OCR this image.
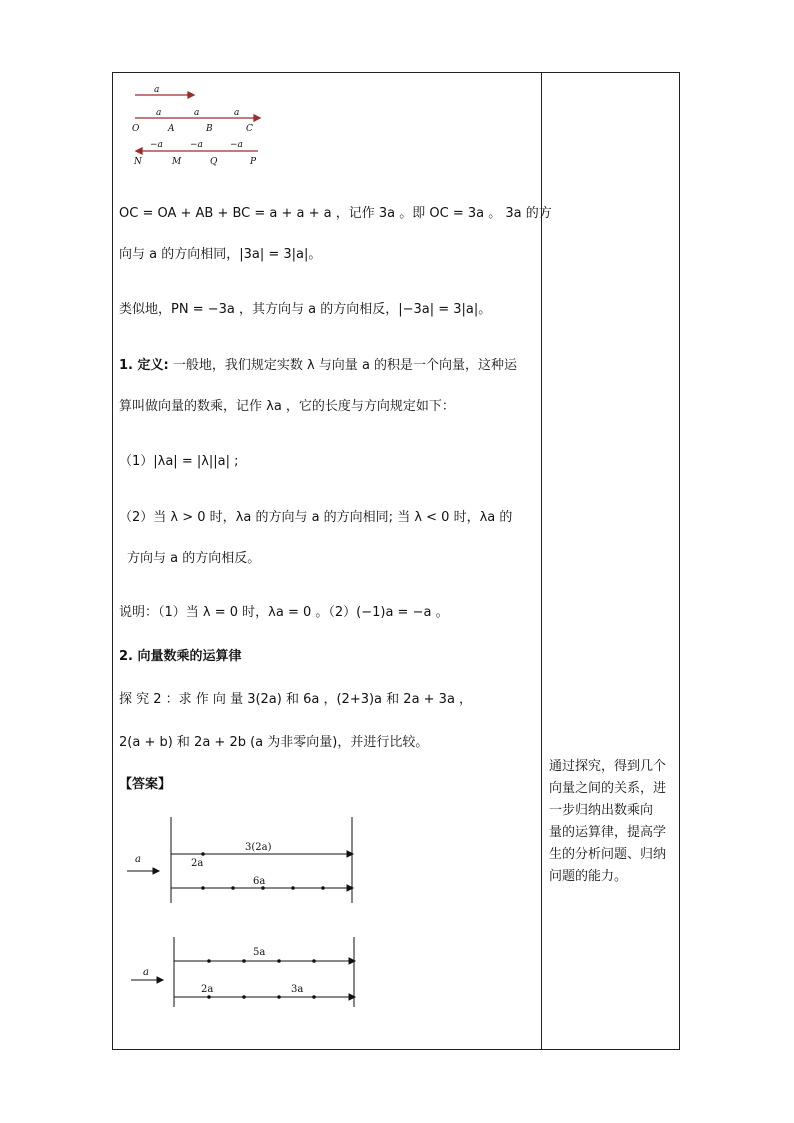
a
a	a	a
O	A	B	C
−a	−a	−a
N	M	Q	P
OC = OA + AB + BC = a + a + a ，记作 3a 。即 OC = 3a 。 3a 的方
向与 a 的方向相同，|3a| = 3|a|。
类似地，PN = −3a ，其方向与 a 的方向相反，|−3a| = 3|a|。
1. 定义: 一般地，我们规定实数 λ 与向量 a 的积是一个向量，这种运
算叫做向量的数乘，记作 λa ，它的长度与方向规定如下：
（1）|λa| = |λ||a| ;
（2）当 λ > 0 时，λa 的方向与 a 的方向相同; 当 λ < 0 时，λa 的
方向与 a 的方向相反。
说明：（1）当 λ = 0 时，λa = 0 。（2）(−1)a = −a 。
2. 向量数乘的运算律
探 究 2 ：求 作 向 量 3(2a) 和 6a ，(2+3)a 和 2a + 3a ，
2(a + b) 和 2a + 2b (a 为非零向量)，并进行比较。
【答案】
a
3(2a)
2a
6a
a
5a
2a	3a
通过探究，得到几个
向量之间的关系，进
一步归纳出数乘向
量的运算律，提高学
生的分析问题、归纳
问题的能力。
